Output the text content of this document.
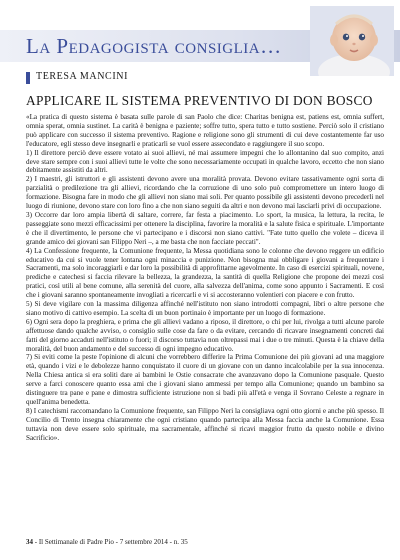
La Pedagogista consiglia…
TERESA MANCINI
APPLICARE IL SISTEMA PREVENTIVO DI DON BOSCO

«La pratica di questo sistema è basata sulle parole di san Paolo che dice: Charitas benigna est, patiens est, omnia suffert, omnia sperat, omnia sustinet. La carità è benigna e paziente; soffre tutto, spera tutto e tutto sostiene. Perciò solo il cristiano può applicare con successo il sistema preventivo. Ragione e religione sono gli strumenti di cui deve costantemente far uso l'educatore, egli stesso deve insegnarli e praticarli se vuol essere assecondato e raggiungere il suo scopo.

1) Il direttore perciò deve essere votato ai suoi allievi, né mai assumere impegni che lo allontanino dal suo compito, anzi deve stare sempre con i suoi allievi tutte le volte che sono necessariamente occupati in qualche lavoro, eccetto che non siano debitamente assistiti da altri.

2) I maestri, gli istruttori e gli assistenti devono avere una moralità provata. Devono evitare tassativamente ogni sorta di parzialità o predilezione tra gli allievi, ricordando che la corruzione di uno solo può compromettere un intero luogo di formazione. Bisogna fare in modo che gli allievi non siano mai soli. Per quanto possibile gli assistenti devono precederli nel luogo di riunione, devono stare con loro fino a che non siano seguiti da altri e non devono mai lasciarli privi di occupazione.

3) Occorre dar loro ampia libertà di saltare, correre, far festa a piacimento. Lo sport, la musica, la lettura, la recita, le passeggiate sono mezzi efficacissimi per ottenere la disciplina, favorire la moralità e la salute fisica e spirituale. L'importante è che il divertimento, le persone che vi partecipano e i discorsi non siano cattivi. "Fate tutto quello che volete – diceva il grande amico dei giovani san Filippo Neri –, a me basta che non facciate peccati".

4) La Confessione frequente, la Comunione frequente, la Messa quotidiana sono le colonne che devono reggere un edificio educativo da cui si vuole tener lontana ogni minaccia e punizione. Non bisogna mai obbligare i giovani a frequentare i Sacramenti, ma solo incoraggiarli e dar loro la possibilità di approfittarne agevolmente. In caso di esercizi spirituali, novene, prediche e catechesi si faccia rilevare la bellezza, la grandezza, la santità di quella Religione che propone dei mezzi così pratici, così utili al bene comune, alla serenità del cuore, alla salvezza dell'anima, come sono appunto i Sacramenti. E così che i giovani saranno spontaneamente invogliati a ricercarli e vi si accosteranno volentieri con piacere e con frutto.

5) Si deve vigilare con la massima diligenza affinché nell'istituto non siano introdotti compagni, libri o altre persone che siano motivo di cattivo esempio. La scelta di un buon portinaio è importante per un luogo di formazione.

6) Ogni sera dopo la preghiera, e prima che gli allievi vadano a riposo, il direttore, o chi per lui, rivolga a tutti alcune parole affettuose dando qualche avviso, o consiglio sulle cose da fare o da evitare, cercando di ricavare insegnamenti concreti dai fatti del giorno accaduti nell'istituto o fuori; il discorso tuttavia non oltrepassi mai i due o tre minuti. Questa è la chiave della moralità, del buon andamento e del successo di ogni impegno educativo.

7) Si eviti come la peste l'opinione di alcuni che vorrebbero differire la Prima Comunione dei più giovani ad una maggiore età, quando i vizi e le debolezze hanno conquistato il cuore di un giovane con un danno incalcolabile per la sua innocenza. Nella Chiesa antica si era soliti dare ai bambini le Ostie consacrate che avanzavano dopo la Comunione pasquale. Questo serve a farci conoscere quanto essa ami che i giovani siano ammessi per tempo alla Comunione; quando un bambino sa distinguere tra pane e pane e dimostra sufficiente istruzione non si badi più all'età e venga il Sovrano Celeste a regnare in quell'anima benedetta.

8) I catechismi raccomandano la Comunione frequente, san Filippo Neri la consigliava ogni otto giorni e anche più spesso. Il Concilio di Trento insegna chiaramente che ogni cristiano quando partecipa alla Messa faccia anche la Comunione. Essa tuttavia non deve essere solo spirituale, ma sacramentale, affinché si ricavi maggior frutto da questo nobile e divino Sacrificio».

34 - Il Settimanale di Padre Pio - 7 settembre 2014 - n. 35
